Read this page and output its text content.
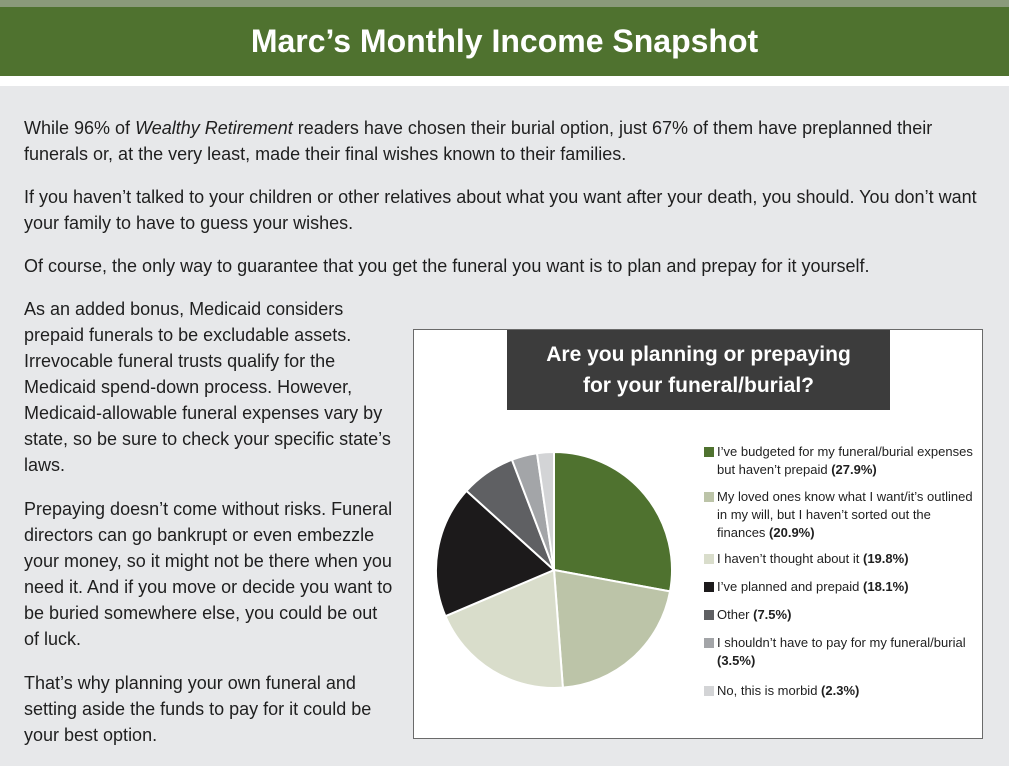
Marc’s Monthly Income Snapshot

While 96% of Wealthy Retirement readers have chosen their burial option, just 67% of them have preplanned their funerals or, at the very least, made their final wishes known to their families.

If you haven’t talked to your children or other relatives about what you want after your death, you should. You don’t want your family to have to guess your wishes.

Of course, the only way to guarantee that you get the funeral you want is to plan and prepay for it yourself.

As an added bonus, Medicaid considers prepaid funerals to be excludable assets. Irrevocable funeral trusts qualify for the Medicaid spend-down process. However, Medicaid-allowable funeral expenses vary by state, so be sure to check your specific state’s laws.

Prepaying doesn’t come without risks. Funeral directors can go bankrupt or even embezzle your money, so it might not be there when you need it. And if you move or decide you want to be buried somewhere else, you could be out of luck.

That’s why planning your own funeral and setting aside the funds to pay for it could be your best option.

Are you planning or prepaying for your funeral/burial?
I’ve budgeted for my funeral/burial expenses but haven’t prepaid (27.9%)
My loved ones know what I want/it’s outlined in my will, but I haven’t sorted out the finances (20.9%)
I haven’t thought about it (19.8%)
I’ve planned and prepaid (18.1%)
Other (7.5%)
I shouldn’t have to pay for my funeral/burial (3.5%)
No, this is morbid (2.3%)
